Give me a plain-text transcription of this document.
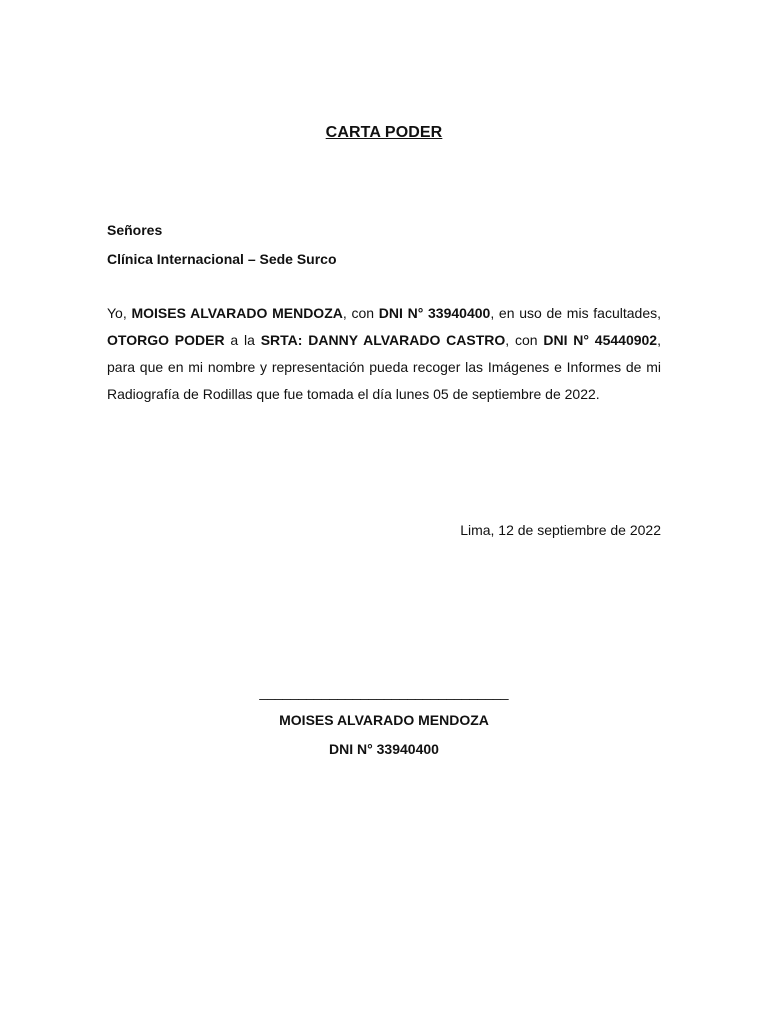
CARTA PODER
Señores
Clínica Internacional – Sede Surco
Yo, MOISES ALVARADO MENDOZA, con DNI N° 33940400, en uso de mis facultades, OTORGO PODER a la SRTA: DANNY ALVARADO CASTRO, con DNI N° 45440902, para que en mi nombre y representación pueda recoger las Imágenes e Informes de mi Radiografía de Rodillas que fue tomada el día lunes 05 de septiembre de 2022.
Lima, 12 de septiembre de 2022
________________________________
MOISES ALVARADO MENDOZA
DNI N° 33940400
